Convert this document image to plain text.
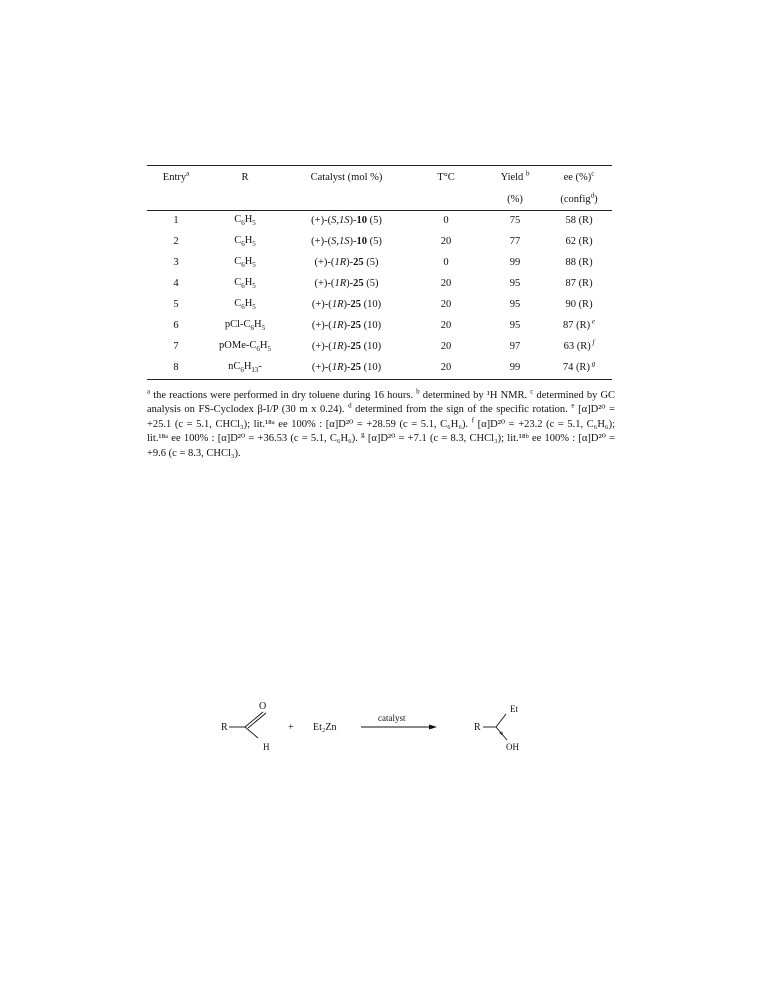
Entry$^a$	R	Catalyst (mol %)	T°C	Yield $^b$	ee (%)$^c$
				(%)	(config$^d$)
1	$C_6H_5$	(+)-(S,1S)-10 (5)	0	75	58 (R)
2	$C_6H_5$	(+)-(S,1S)-10 (5)	20	77	62 (R)
3	$C_6H_5$	(+)-(1R)-25 (5)	0	99	88 (R)
4	$C_6H_5$	(+)-(1R)-25 (5)	20	95	87 (R)
5	$C_6H_5$	(+)-(1R)-25 (10)	20	95	90 (R)
6	pCl-$C_6H_5$	(+)-(1R)-25 (10)	20	95	87 (R) $^e$
7	pOMe-$C_6H_5$	(+)-(1R)-25 (10)	20	97	63 (R) $^f$
8	$nC_6H_{13}-$	(+)-(1R)-25 (10)	20	99	74 (R) $^g$
$^a$ the reactions were performed in dry toluene during 16 hours. $^b$ determined by ¹H NMR. $^c$ determined by GC analysis on FS-Cyclodex β-I/P (30 m x 0.24). $^d$ determined from the sign of the specific rotation. $^e$ [α]D²⁰ = +25.1 (c = 5.1, CHCl₃); lit.¹⁸ᵃ ee 100% : [α]D²⁰ = +28.59 (c = 5.1, C₆H₆). $^f$ [α]D²⁰ = +23.2 (c = 5.1, C₆H₆); lit.¹⁸ᵃ ee 100% : [α]D²⁰ = +36.53 (c = 5.1, C₆H₆). $^g$ [α]D²⁰ = +7.1 (c = 8.3, CHCl₃); lit.¹⁸ᵇ ee 100% : [α]D²⁰ = +9.6 (c = 8.3, CHCl₃).
R
O
H
+ Et₂Zn
catalyst
R
Et
*
OH
